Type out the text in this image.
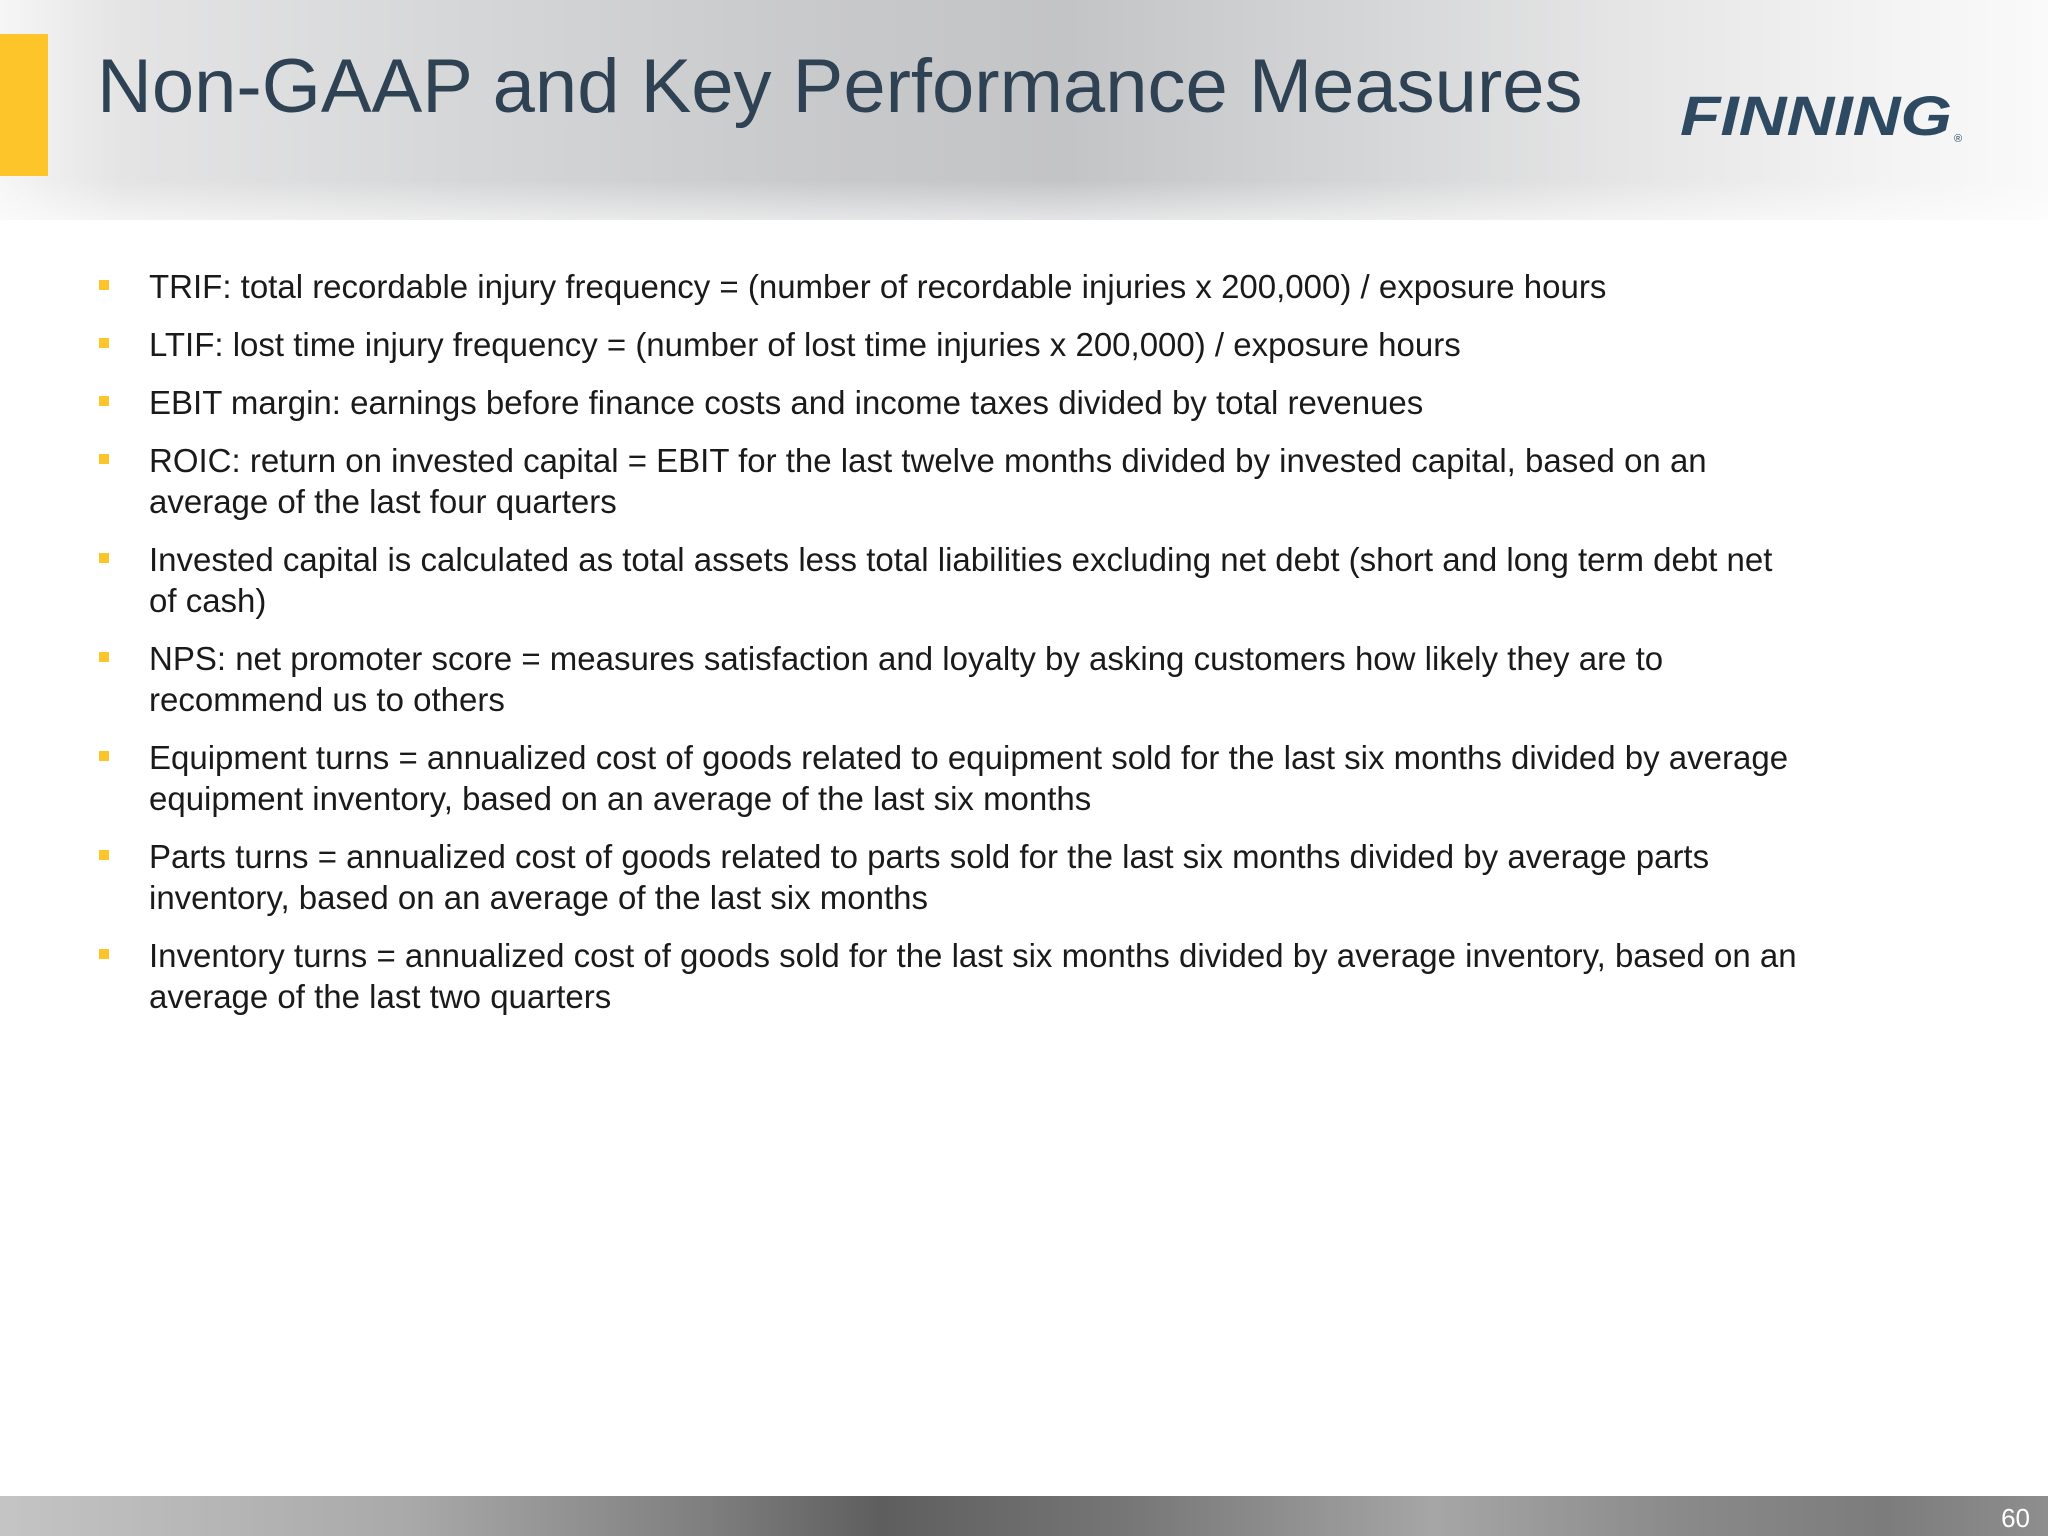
Non-GAAP and Key Performance Measures FINNING ®
TRIF: total recordable injury frequency = (number of recordable injuries x 200,000) / exposure hours
LTIF: lost time injury frequency = (number of lost time injuries x 200,000) / exposure hours
EBIT margin: earnings before finance costs and income taxes divided by total revenues
ROIC: return on invested capital = EBIT for the last twelve months divided by invested capital, based on an average of the last four quarters
Invested capital is calculated as total assets less total liabilities excluding net debt (short and long term debt net of cash)
NPS: net promoter score = measures satisfaction and loyalty by asking customers how likely they are to recommend us to others
Equipment turns = annualized cost of goods related to equipment sold for the last six months divided by average equipment inventory, based on an average of the last six months
Parts turns = annualized cost of goods related to parts sold for the last six months divided by average parts inventory, based on an average of the last six months
Inventory turns = annualized cost of goods sold for the last six months divided by average inventory, based on an average of the last two quarters
60
